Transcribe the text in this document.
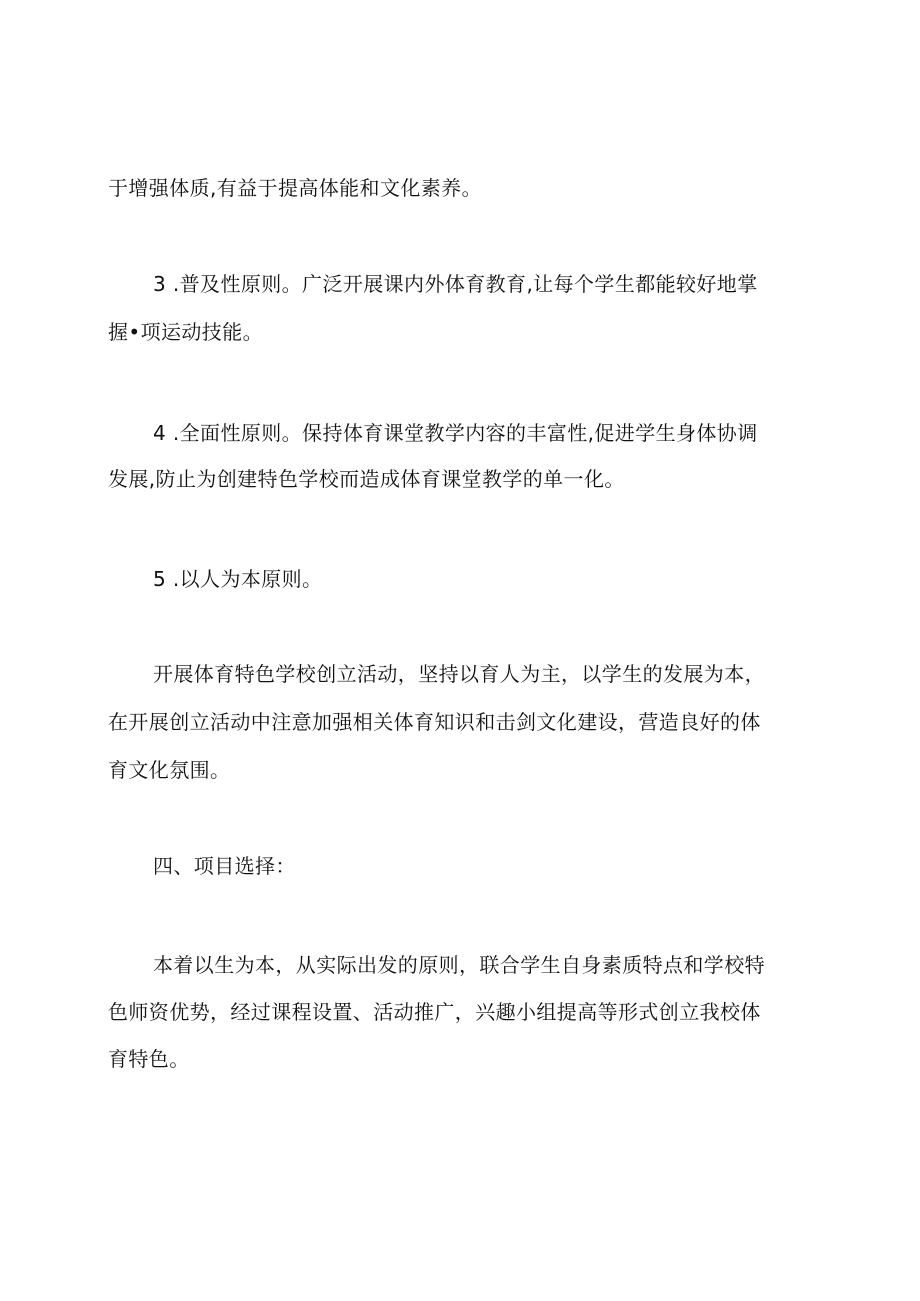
于增强体质,有益于提高体能和文化素养。

3 .普及性原则。广泛开展课内外体育教育,让每个学生都能较好地掌

握•项运动技能。

4 .全面性原则。保持体育课堂教学内容的丰富性,促进学生身体协调

发展,防止为创建特色学校而造成体育课堂教学的单一化。

5 .以人为本原则。

开展体育特色学校创立活动，坚持以育人为主，以学生的发展为本，

在开展创立活动中注意加强相关体育知识和击剑文化建设，营造良好的体

育文化氛围。

四、项目选择：

本着以生为本，从实际出发的原则，联合学生自身素质特点和学校特

色师资优势，经过课程设置、活动推广，兴趣小组提高等形式创立我校体

育特色。
